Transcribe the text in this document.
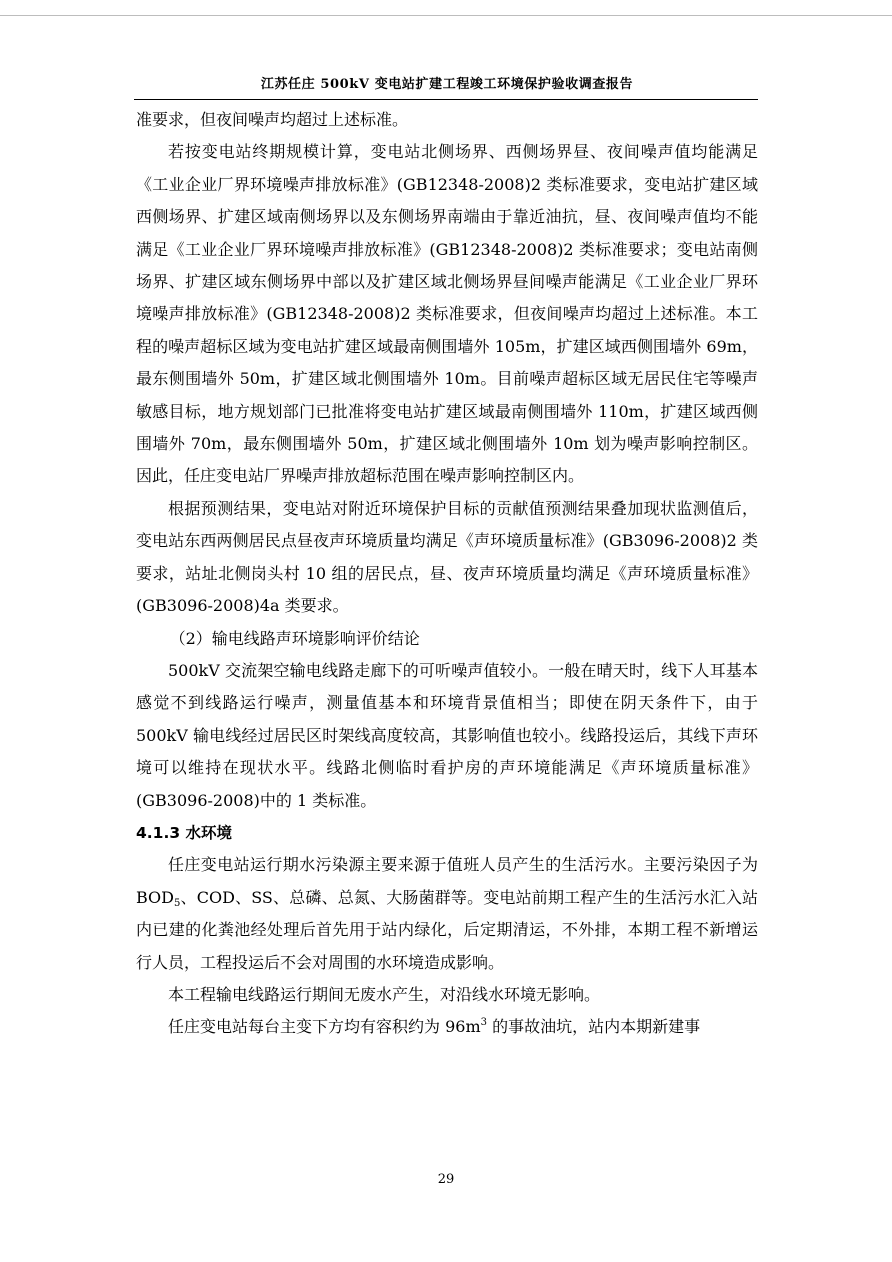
江苏任庄 500kV 变电站扩建工程竣工环境保护验收调查报告

准要求，但夜间噪声均超过上述标准。

若按变电站终期规模计算，变电站北侧场界、西侧场界昼、夜间噪声值均能满足《工业企业厂界环境噪声排放标准》(GB12348-2008)2 类标准要求，变电站扩建区域西侧场界、扩建区域南侧场界以及东侧场界南端由于靠近油抗，昼、夜间噪声值均不能满足《工业企业厂界环境噪声排放标准》(GB12348-2008)2 类标准要求；变电站南侧场界、扩建区域东侧场界中部以及扩建区域北侧场界昼间噪声能满足《工业企业厂界环境噪声排放标准》(GB12348-2008)2 类标准要求，但夜间噪声均超过上述标准。本工程的噪声超标区域为变电站扩建区域最南侧围墙外 105m，扩建区域西侧围墙外 69m，最东侧围墙外 50m，扩建区域北侧围墙外 10m。目前噪声超标区域无居民住宅等噪声敏感目标，地方规划部门已批准将变电站扩建区域最南侧围墙外 110m，扩建区域西侧围墙外 70m，最东侧围墙外 50m，扩建区域北侧围墙外 10m 划为噪声影响控制区。因此，任庄变电站厂界噪声排放超标范围在噪声影响控制区内。

根据预测结果，变电站对附近环境保护目标的贡献值预测结果叠加现状监测值后，变电站东西两侧居民点昼夜声环境质量均满足《声环境质量标准》(GB3096-2008)2 类要求，站址北侧岗头村 10 组的居民点，昼、夜声环境质量均满足《声环境质量标准》(GB3096-2008)4a 类要求。

（2）输电线路声环境影响评价结论

500kV 交流架空输电线路走廊下的可听噪声值较小。一般在晴天时，线下人耳基本感觉不到线路运行噪声，测量值基本和环境背景值相当；即使在阴天条件下，由于 500kV 输电线经过居民区时架线高度较高，其影响值也较小。线路投运后，其线下声环境可以维持在现状水平。线路北侧临时看护房的声环境能满足《声环境质量标准》(GB3096-2008)中的 1 类标准。

4.1.3 水环境

任庄变电站运行期水污染源主要来源于值班人员产生的生活污水。主要污染因子为 $BOD_5$、COD、SS、总磷、总氮、大肠菌群等。变电站前期工程产生的生活污水汇入站内已建的化粪池经处理后首先用于站内绿化，后定期清运，不外排，本期工程不新增运行人员，工程投运后不会对周围的水环境造成影响。

本工程输电线路运行期间无废水产生，对沿线水环境无影响。

任庄变电站每台主变下方均有容积约为 $96m^3$ 的事故油坑，站内本期新建事

29
